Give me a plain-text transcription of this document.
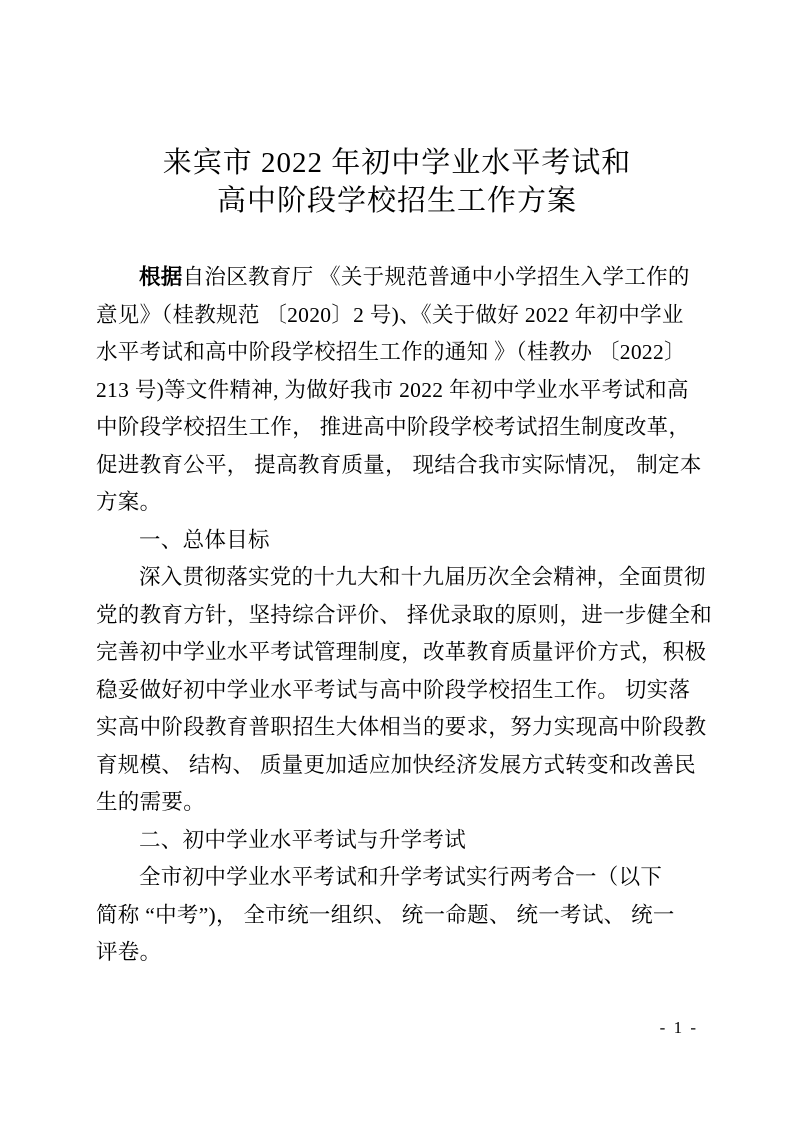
来宾市 2022 年初中学业水平考试和
高中阶段学校招生工作方案
根据自治区教育厅 《关于规范普通中小学招生入学工作的
意见》（桂教规范 〔2020〕2 号)、《关于做好 2022 年初中学业
水平考试和高中阶段学校招生工作的通知 》（桂教办 〔2022〕
213 号)等文件精神, 为做好我市 2022 年初中学业水平考试和高
中阶段学校招生工作， 推进高中阶段学校考试招生制度改革，
促进教育公平， 提高教育质量， 现结合我市实际情况， 制定本
方案。
一、总体目标
深入贯彻落实党的十九大和十九届历次全会精神，全面贯彻
党的教育方针，坚持综合评价、 择优录取的原则，进一步健全和
完善初中学业水平考试管理制度，改革教育质量评价方式，积极
稳妥做好初中学业水平考试与高中阶段学校招生工作。 切实落
实高中阶段教育普职招生大体相当的要求，努力实现高中阶段教
育规模、 结构、 质量更加适应加快经济发展方式转变和改善民
生的需要。
二、初中学业水平考试与升学考试
全市初中学业水平考试和升学考试实行两考合一（以下
简称 “中考”)， 全市统一组织、 统一命题、 统一考试、 统一
评卷。
- 1 -
